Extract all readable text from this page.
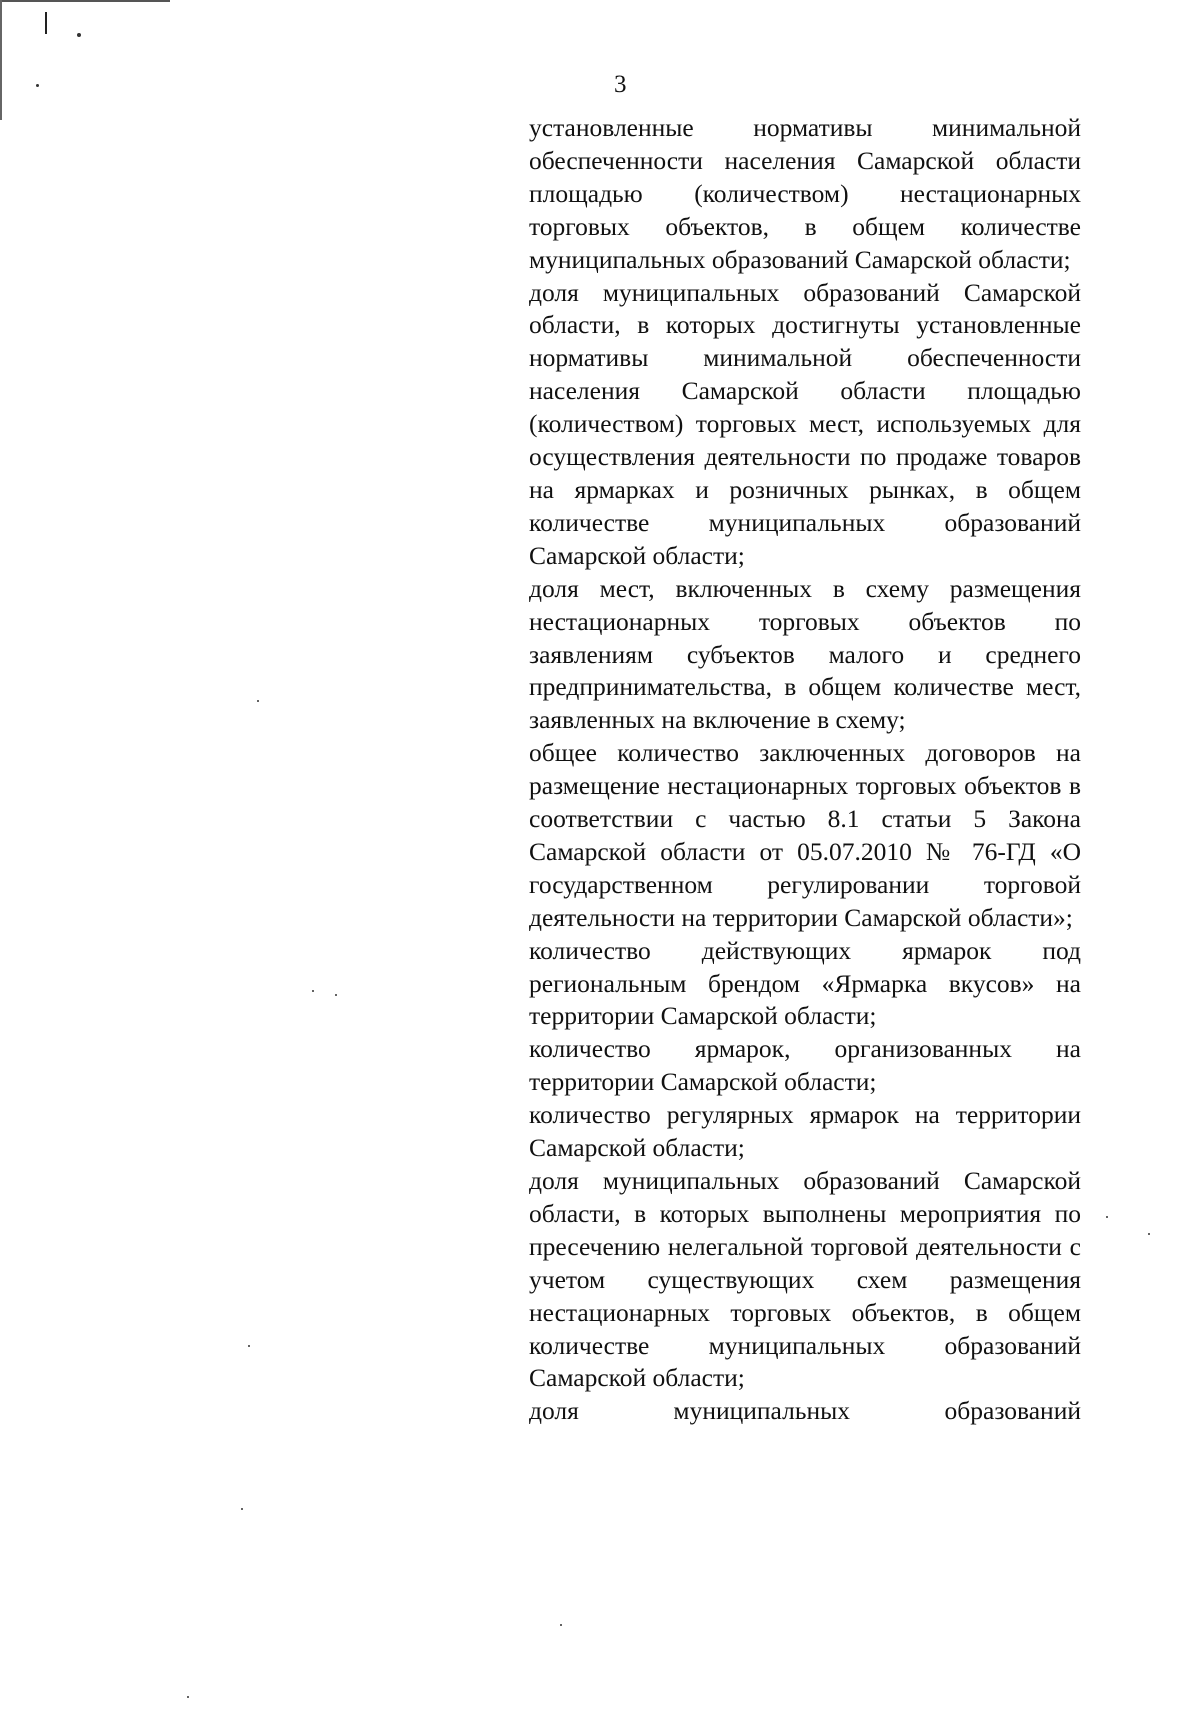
3

установленные нормативы минимальной обеспеченности населения Самарской области площадью (количеством) нестационарных торговых объектов, в общем количестве муниципальных образований Самарской области;

доля муниципальных образований Самарской области, в которых достигнуты установленные нормативы минимальной обеспеченности населения Самарской области площадью (количеством) торговых мест, используемых для осуществления деятельности по продаже товаров на ярмарках и розничных рынках, в общем количестве муниципальных образований Самарской области;

доля мест, включенных в схему размещения нестационарных торговых объектов по заявлениям субъектов малого и среднего предпринимательства, в общем количестве мест, заявленных на включение в схему;

общее количество заключенных договоров на размещение нестационарных торговых объектов в соответствии с частью 8.1 статьи 5 Закона Самарской области от 05.07.2010 № 76-ГД «О государственном регулировании торговой деятельности на территории Самарской области»;

количество действующих ярмарок под региональным брендом «Ярмарка вкусов» на территории Самарской области;

количество ярмарок, организованных на территории Самарской области;

количество регулярных ярмарок на территории Самарской области;

доля муниципальных образований Самарской области, в которых выполнены мероприятия по пресечению нелегальной торговой деятельности с учетом существующих схем размещения нестационарных торговых объектов, в общем количестве муниципальных образований Самарской области;

доля муниципальных образований
